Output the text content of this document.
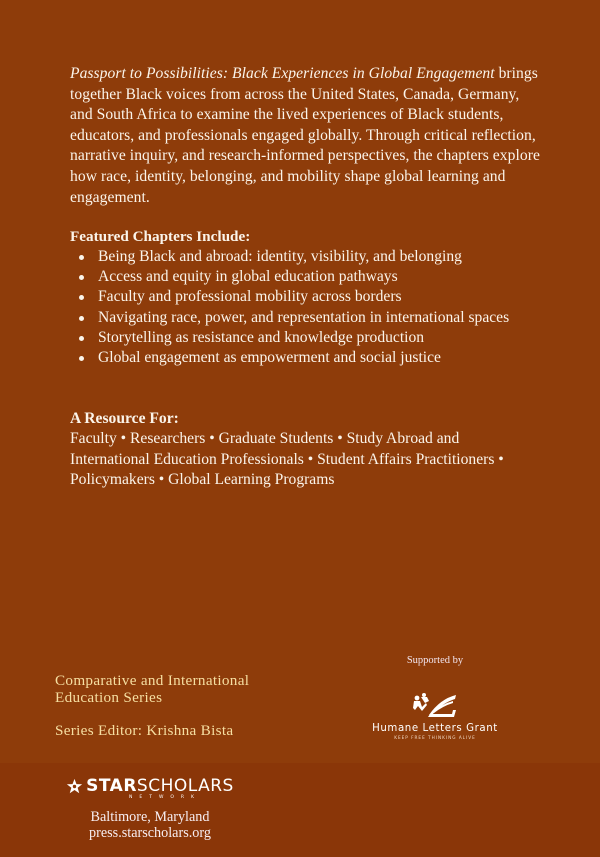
Passport to Possibilities: Black Experiences in Global Engagement brings together Black voices from across the United States, Canada, Germany, and South Africa to examine the lived experiences of Black students, educators, and professionals engaged globally. Through critical reflection, narrative inquiry, and research-informed perspectives, the chapters explore how race, identity, belonging, and mobility shape global learning and engagement.

Featured Chapters Include:

Being Black and abroad: identity, visibility, and belonging
Access and equity in global education pathways
Faculty and professional mobility across borders
Navigating race, power, and representation in international spaces
Storytelling as resistance and knowledge production
Global engagement as empowerment and social justice

A Resource For:

Faculty • Researchers • Graduate Students • Study Abroad and International Education Professionals • Student Affairs Practitioners • Policymakers • Global Learning Programs

Comparative and International
Education Series
Series Editor: Krishna Bista
Supported by
Humane Letters Grant
KEEP FREE THINKING ALIVE
STARSCHOLARS
NETWORK
Baltimore, Maryland
press.starscholars.org
